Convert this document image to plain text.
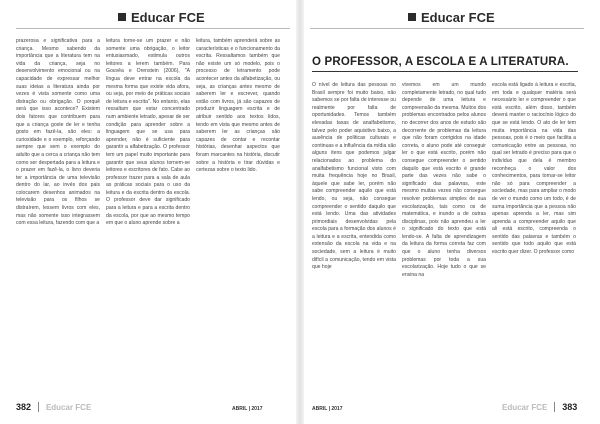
Educar FCE

prazerosa e significativa para a criança. Mesmo sabendo da importância que a literatura tem na vida da criança, seja no desenvolvimento emocional ou na capacidade de expressar melhor suas ideias a literatura ainda por vezes é vista somente como uma distração ou obrigação. O porquê será que isso acontece? Existem dois fatores que contribuem para que a criança goste de ler e tenha gosto em fazê-la, são eles: a curiosidade e o exemplo, reforçando sempre que sem o exemplo do adulto que a cerca a criança não tem como ser despertada para a leitura e o prazer em fazê-la, o livro deveria ter a importância de uma televisão dentro do lar, ao invés dos pais colocarem desenhos animados na televisão para os filhos se distraírem, lessem livros com eles, mas não somente isso integrassem com essa leitura, fazendo com que a

leitura torne-se um prazer e não somente uma obrigação, o leitor entusiasmado, estimula outros leitores a lerem também. Para Gouvêa e Orenstein (2006), "A língua deve entrar na escola da mesma forma que existe vida afora, ou seja, por meio de práticas sociais de leitura e escrita". No entanto, elas ressaltam que estar concentrado num ambiente letrado, apesar de ser condição para aprender sobre a linguagem que se usa para aprender, não é suficiente para garantir a alfabetização. O professor tem um papel muito importante para garantir que seus alunos tornem-se leitores e escritores de fato. Cabe ao professor trazer para a sala de aula as práticas sociais para o uso da leitura e da escrita dentro da escola. O professor deve dar significado para a leitura e para a escrita dentro da escola, por que ao mesmo tempo em que o aluno aprende sobre a

leitura, também aprenderá sobre as características e o funcionamento da escrita. Ressaltamos também que não existe um só modelo, pois o processo de letramento pode acontecer antes da alfabetização, ou seja, as crianças antes mesmo de saberem ler e escrever, quando estão com livros, já são capazes de produzir linguagem escrita e de atribuir sentido aos textos lidos, tendo em vista que mesmo antes de saberem ler as crianças são capazes de contar e recontar histórias, desenhar aspectos que foram marcantes na história, discutir sobre a história e tirar dúvidas e certezas sobre o texto lido.

382 Educar FCE	ABRIL | 2017
Educar FCE
O PROFESSOR, A ESCOLA E A LITERATURA.

O nível de leitura das pessoas no Brasil sempre foi muito baixo, não sabemos se por falta de interesse ou realmente por falta de oportunidades. Temos também elevadas taxas de analfabetismo, talvez pelo poder aquisitivo baixo, a ausência de políticas culturais e continuas e a influência da mídia são alguns itens que podemos julgar relacionados ao problema do analfabetismo funcional visto com muita frequência hoje no Brasil, àquele que sabe ler, porém não sabe compreender aquilo que está lendo, ou seja, não consegue compreender o sentido daquilo que está lendo. Uma das atividades primordiais desenvolvidas pela escola para a formação dos alunos é a leitura e a escrita, entendida como extensão da escola na vida e na sociedade, sem a leitura é muito difícil a comunicação, tendo em vista que hoje

vivemos em um mundo completamente letrado, no qual tudo depende de uma leitura e compreensão da mesma. Muitos dos problemas encontrados pelos alunos no decorrer dos anos de estudo são decorrente de problemas da leitura que não foram corrigidos na idade correta, o aluno pode até conseguir ler o que está escrito, porém não consegue compreender o sentido daquilo que está escrito é grande parte das vezes não sabe o significado das palavras, este mesmo muitas vezes não consegue resolver problemas simples de sua escolarização, tais como os de matemática, e inundo a de outras disciplinas, pois não aprendeu a ler o significado do texto que está lendo-se. A falta de aprendizagem da leitura da forma correta faz com que o aluno tenha diversos problemas por toda a sua escolarização. Hoje tudo o que se ensina na

escola está ligado à leitura e escrita, em toda e qualquer matéria será necessário ler e compreender o que está escrito, além disso, também deverá manter o raciocínio lógico do que se está lendo. O ato de ler tem muita importância na vida das pessoas, pois é o meio que facilita a comunicação entre as pessoas, no qual ser letrado é preciso para que o indivíduo que dela é membro reconheça o valor dos conhecimentos, para tornar-se leitor não só para compreender a sociedade, mas para ampliar o modo de ver o mundo como um todo, é de suma importância que a pessoa não apenas aprenda a ler, mas sim aprenda a compreender aquilo que ali está escrito, compreenda o sentido das palavras e também o sentido que todo aquilo que está escrito quer dizer. O professor como

ABRIL | 2017	Educar FCE 383
